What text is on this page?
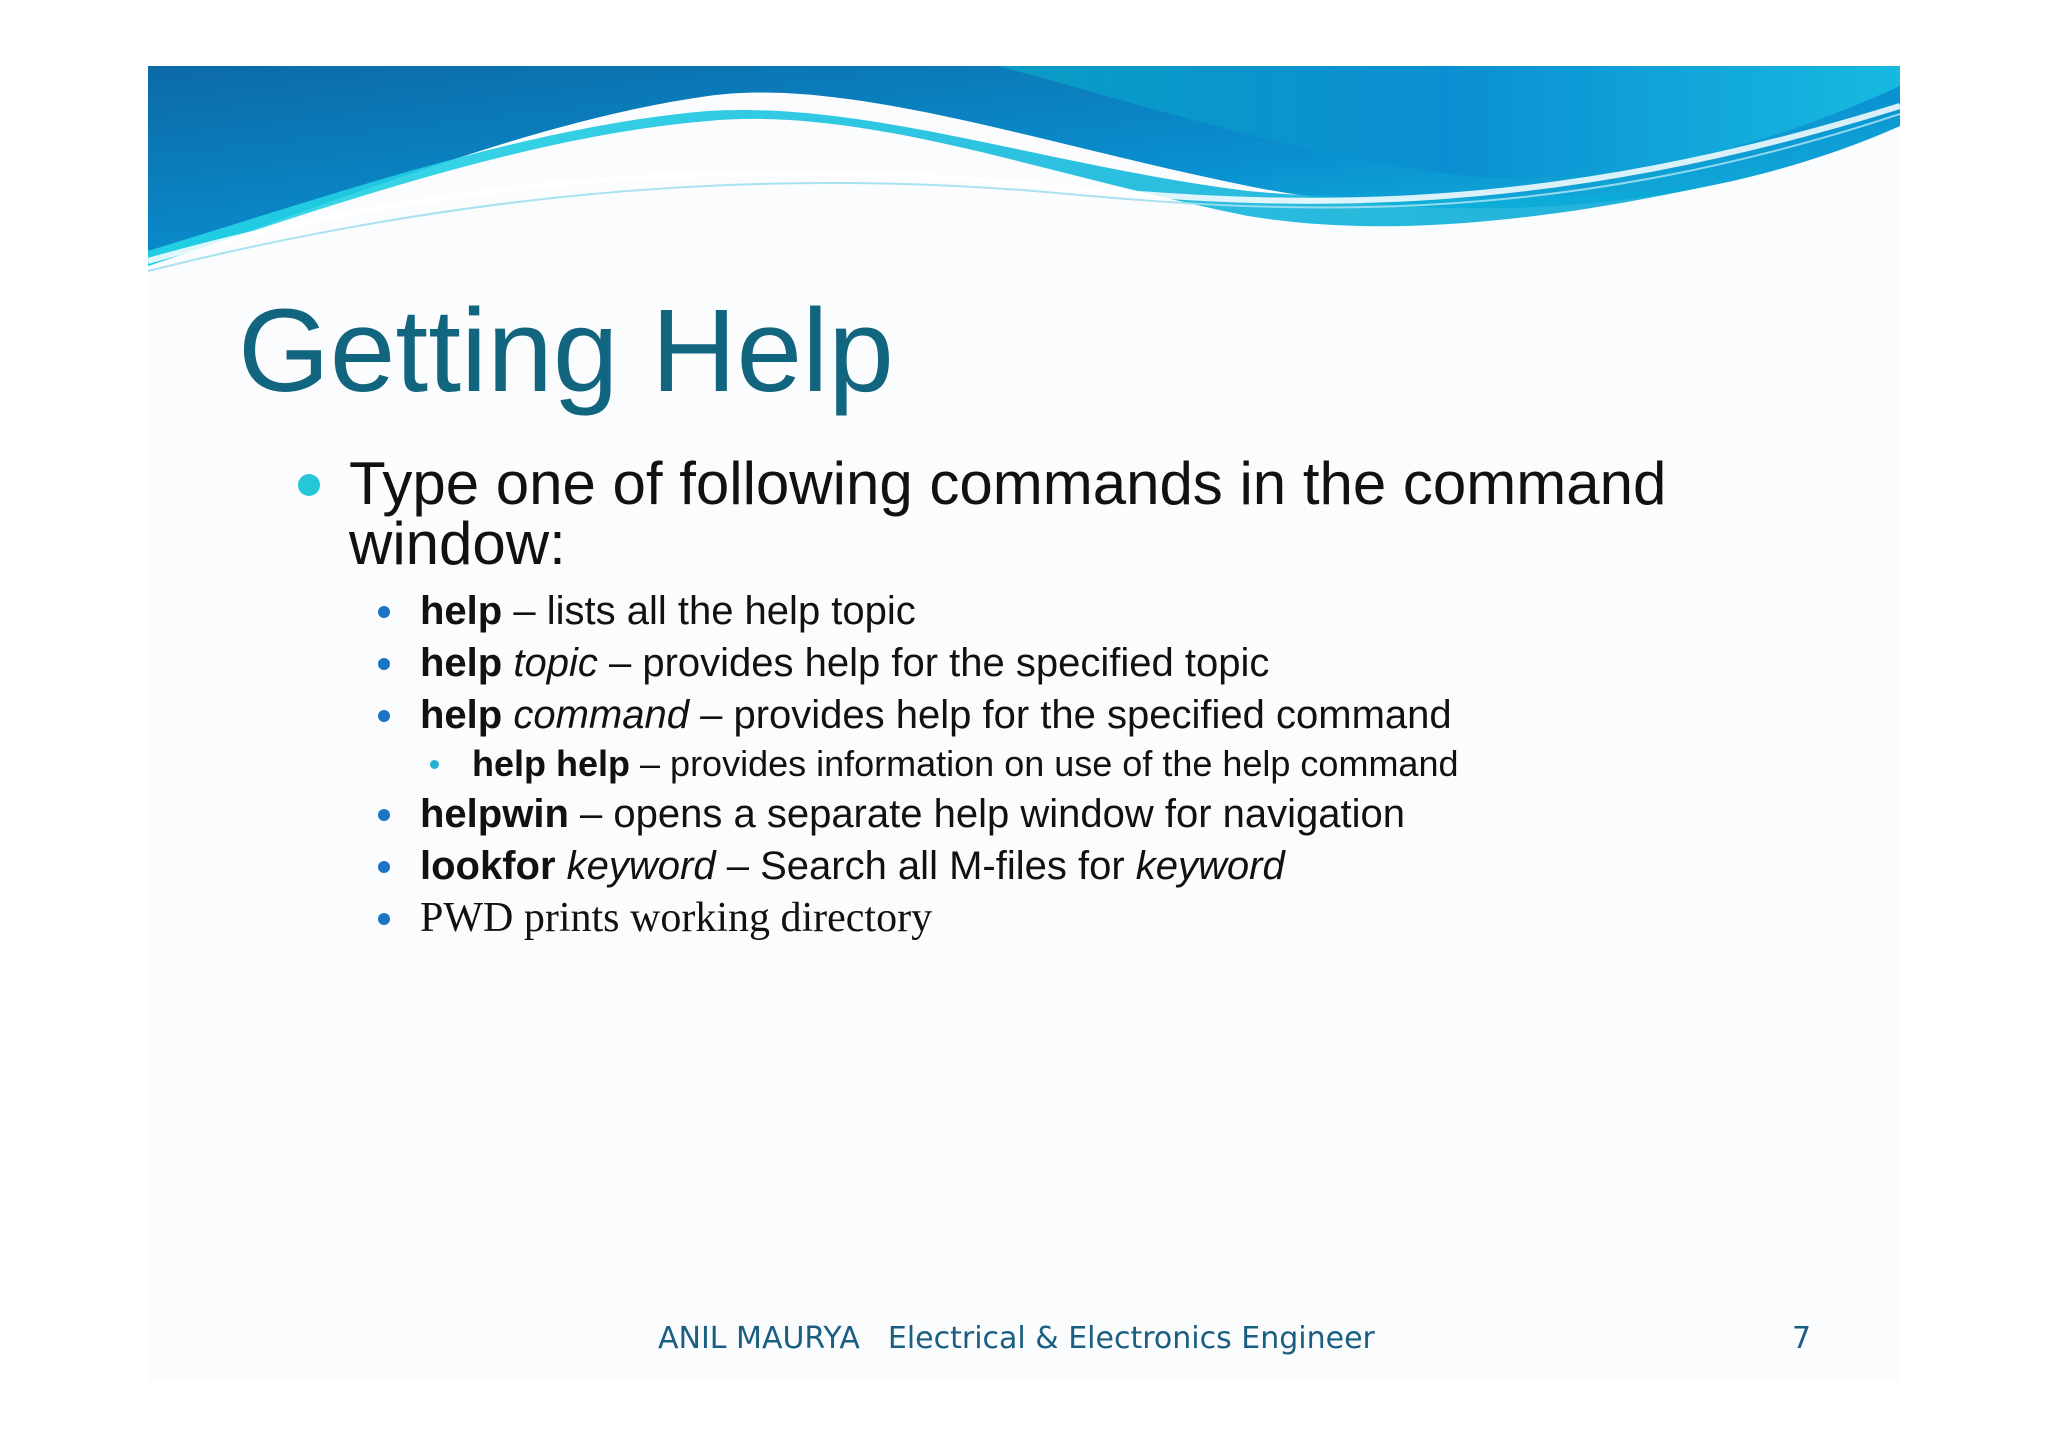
Getting Help
Type one of following commands in the command window:
help – lists all the help topic
help topic – provides help for the specified topic
help command – provides help for the specified command
help help – provides information on use of the help command
helpwin – opens a separate help window for navigation
lookfor keyword – Search all M-files for keyword
PWD prints working directory
ANIL MAURYA Electrical & Electronics Engineer	7
